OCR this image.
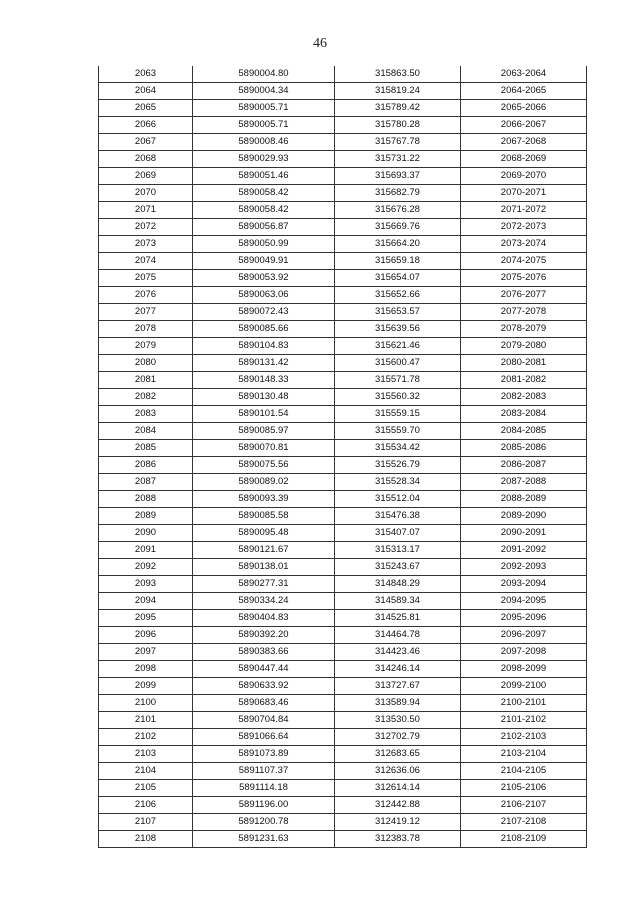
46
2063	5890004.80	315863.50	2063-2064
2064	5890004.34	315819.24	2064-2065
2065	5890005.71	315789.42	2065-2066
2066	5890005.71	315780.28	2066-2067
2067	5890008.46	315767.78	2067-2068
2068	5890029.93	315731.22	2068-2069
2069	5890051.46	315693.37	2069-2070
2070	5890058.42	315682.79	2070-2071
2071	5890058.42	315676.28	2071-2072
2072	5890056.87	315669.76	2072-2073
2073	5890050.99	315664.20	2073-2074
2074	5890049.91	315659.18	2074-2075
2075	5890053.92	315654.07	2075-2076
2076	5890063.06	315652.66	2076-2077
2077	5890072.43	315653.57	2077-2078
2078	5890085.66	315639.56	2078-2079
2079	5890104.83	315621.46	2079-2080
2080	5890131.42	315600.47	2080-2081
2081	5890148.33	315571.78	2081-2082
2082	5890130.48	315560.32	2082-2083
2083	5890101.54	315559.15	2083-2084
2084	5890085.97	315559.70	2084-2085
2085	5890070.81	315534.42	2085-2086
2086	5890075.56	315526.79	2086-2087
2087	5890089.02	315528.34	2087-2088
2088	5890093.39	315512.04	2088-2089
2089	5890085.58	315476.38	2089-2090
2090	5890095.48	315407.07	2090-2091
2091	5890121.67	315313.17	2091-2092
2092	5890138.01	315243.67	2092-2093
2093	5890277.31	314848.29	2093-2094
2094	5890334.24	314589.34	2094-2095
2095	5890404.83	314525.81	2095-2096
2096	5890392.20	314464.78	2096-2097
2097	5890383.66	314423.46	2097-2098
2098	5890447.44	314246.14	2098-2099
2099	5890633.92	313727.67	2099-2100
2100	5890683.46	313589.94	2100-2101
2101	5890704.84	313530.50	2101-2102
2102	5891066.64	312702.79	2102-2103
2103	5891073.89	312683.65	2103-2104
2104	5891107.37	312636.06	2104-2105
2105	5891114.18	312614.14	2105-2106
2106	5891196.00	312442.88	2106-2107
2107	5891200.78	312419.12	2107-2108
2108	5891231.63	312383.78	2108-2109
